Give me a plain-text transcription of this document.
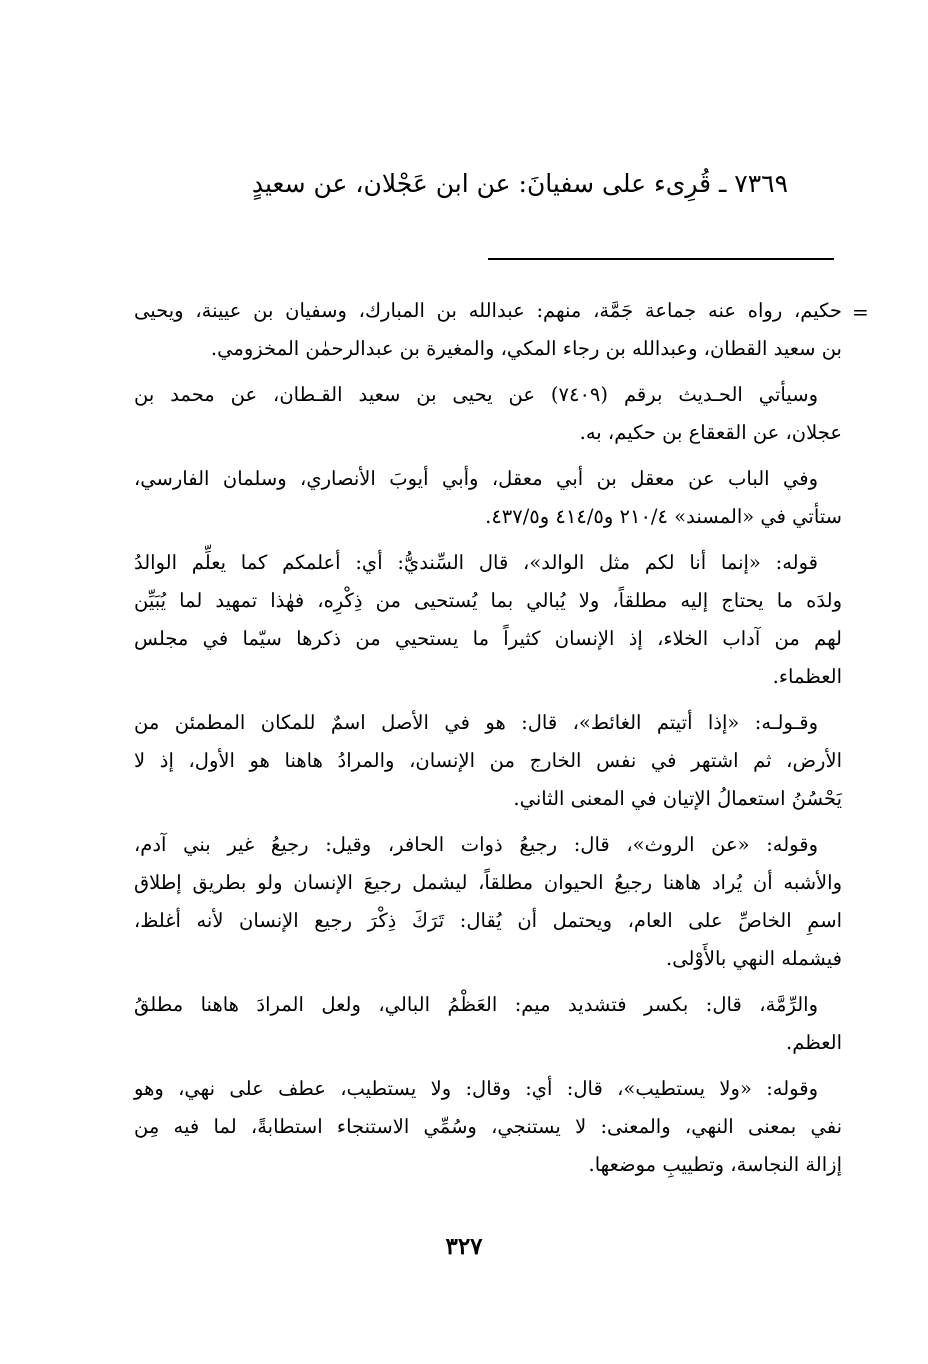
٧٣٦٩ ـ قُرِىء على سفيانَ: عن ابن عَجْلان، عن سعيدٍ
=

حكيم، رواه عنه جماعة جَمَّة، منهم: عبدالله بن المبارك، وسفيان بن عيينة، ويحيى
بن سعيد القطان، وعبدالله بن رجاء المكي، والمغيرة بن عبدالرحمٰن المخزومي.

وسيأتي الحـديث برقم (٧٤٠٩) عن يحيى بن سعيد القـطان، عن محمد بن
عجلان، عن القعقاع بن حكيم، به.

وفي الباب عن معقل بن أبي معقل، وأبي أيوبَ الأنصاري، وسلمان الفارسي،
ستأتي في «المسند» ٢١٠/٤ و٤١٤/٥ و٤٣٧/٥.

قوله: «إنما أنا لكم مثل الوالد»، قال السِّنديُّ: أي: أعلمكم كما يعلِّم الوالدُ
ولدَه ما يحتاج إليه مطلقاً، ولا يُبالي بما يُستحيى من ذِكْرِه، فهٰذا تمهيد لما يُبَيِّن
لهم من آداب الخلاء، إذ الإنسان كثيراً ما يستحيي من ذكرها سيّما في مجلس
العظماء.

وقـولـه: «إذا أتيتم الغائط»، قال: هو في الأصل اسمٌ للمكان المطمئن من
الأرض، ثم اشتهر في نفس الخارج من الإنسان، والمرادُ هاهنا هو الأول، إذ لا
يَحْسُنُ استعمالُ الإتيان في المعنى الثاني.

وقوله: «عن الروث»، قال: رجيعُ ذوات الحافر، وقيل: رجيعُ غير بني آدم،
والأشبه أن يُراد هاهنا رجيعُ الحيوان مطلقاً، ليشمل رجيعَ الإنسان ولو بطريق إطلاق
اسمِ الخاصِّ على العام، ويحتمل أن يُقال: تَرَكَ ذِكْرَ رجيع الإنسان لأنه أغلظ،
فيشمله النهي بالأَوْلى.

والرِّمَّة، قال: بكسر فتشديد ميم: العَظْمُ البالي، ولعل المرادَ هاهنا مطلقُ
العظم.

وقوله: «ولا يستطيب»، قال: أي: وقال: ولا يستطيب، عطف على نهي، وهو
نفي بمعنى النهي، والمعنى: لا يستنجي، وسُمِّي الاستنجاء استطابةً، لما فيه مِن
إزالة النجاسة، وتطييبِ موضعها.

٣٢٧
